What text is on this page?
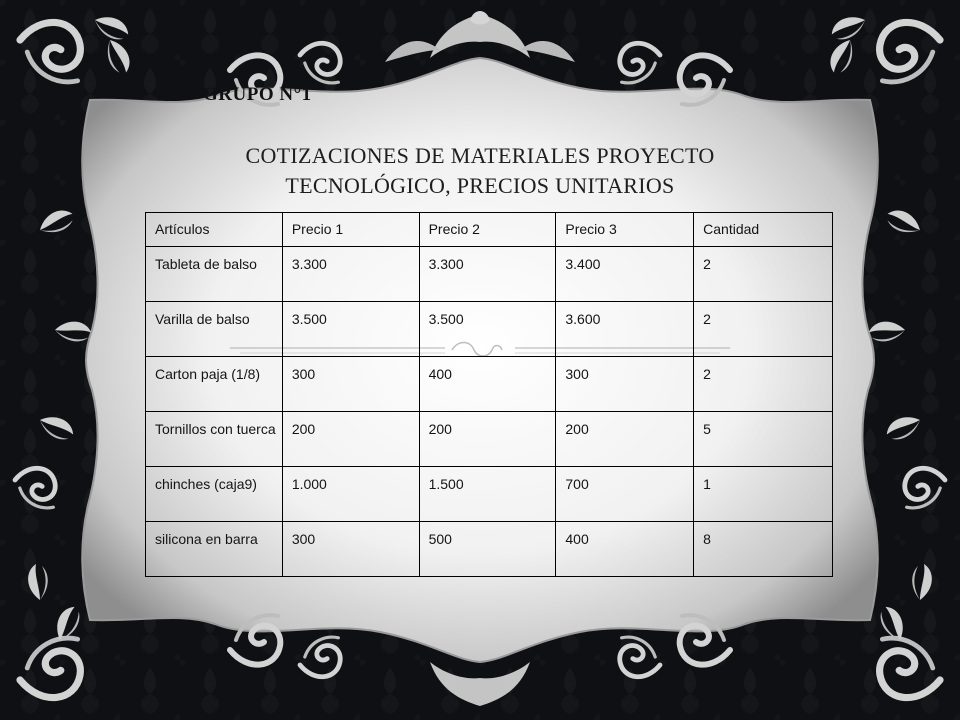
GRUPO N°1
COTIZACIONES DE MATERIALES PROYECTO
TECNOLÓGICO, PRECIOS UNITARIOS
Artículos	Precio 1	Precio 2	Precio 3	Cantidad
Tableta de balso	3.300	3.300	3.400	2
Varilla de balso	3.500	3.500	3.600	2
Carton paja (1/8)	300	400	300	2
Tornillos con tuerca	200	200	200	5
chinches (caja9)	1.000	1.500	700	1
silicona en barra	300	500	400	8
